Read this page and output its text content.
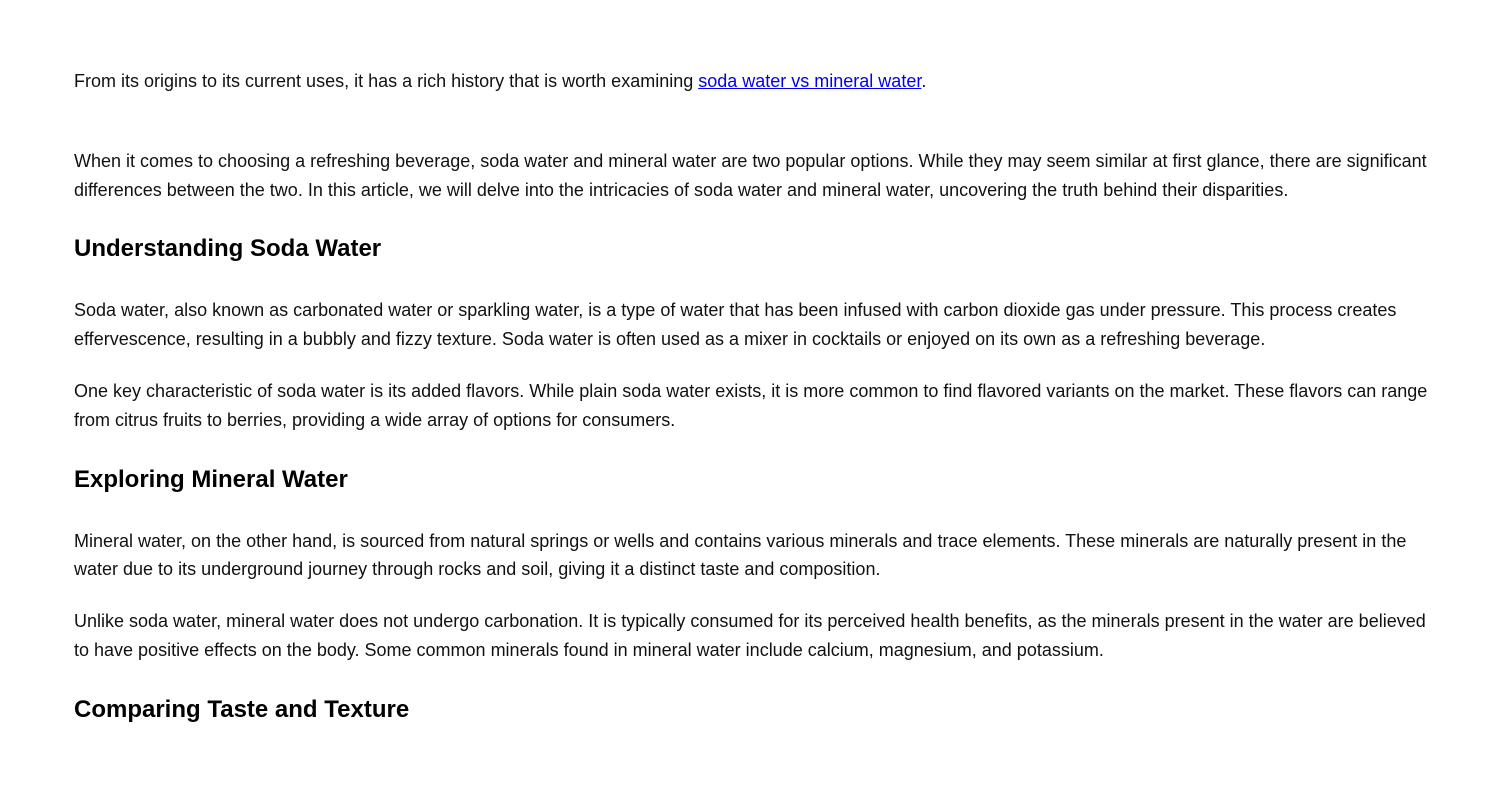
From its origins to its current uses, it has a rich history that is worth examining soda water vs mineral water.

When it comes to choosing a refreshing beverage, soda water and mineral water are two popular options. While they may seem similar at first glance, there are significant differences between the two. In this article, we will delve into the intricacies of soda water and mineral water, uncovering the truth behind their disparities.

Understanding Soda Water

Soda water, also known as carbonated water or sparkling water, is a type of water that has been infused with carbon dioxide gas under pressure. This process creates effervescence, resulting in a bubbly and fizzy texture. Soda water is often used as a mixer in cocktails or enjoyed on its own as a refreshing beverage.

One key characteristic of soda water is its added flavors. While plain soda water exists, it is more common to find flavored variants on the market. These flavors can range from citrus fruits to berries, providing a wide array of options for consumers.

Exploring Mineral Water

Mineral water, on the other hand, is sourced from natural springs or wells and contains various minerals and trace elements. These minerals are naturally present in the water due to its underground journey through rocks and soil, giving it a distinct taste and composition.

Unlike soda water, mineral water does not undergo carbonation. It is typically consumed for its perceived health benefits, as the minerals present in the water are believed to have positive effects on the body. Some common minerals found in mineral water include calcium, magnesium, and potassium.

Comparing Taste and Texture
